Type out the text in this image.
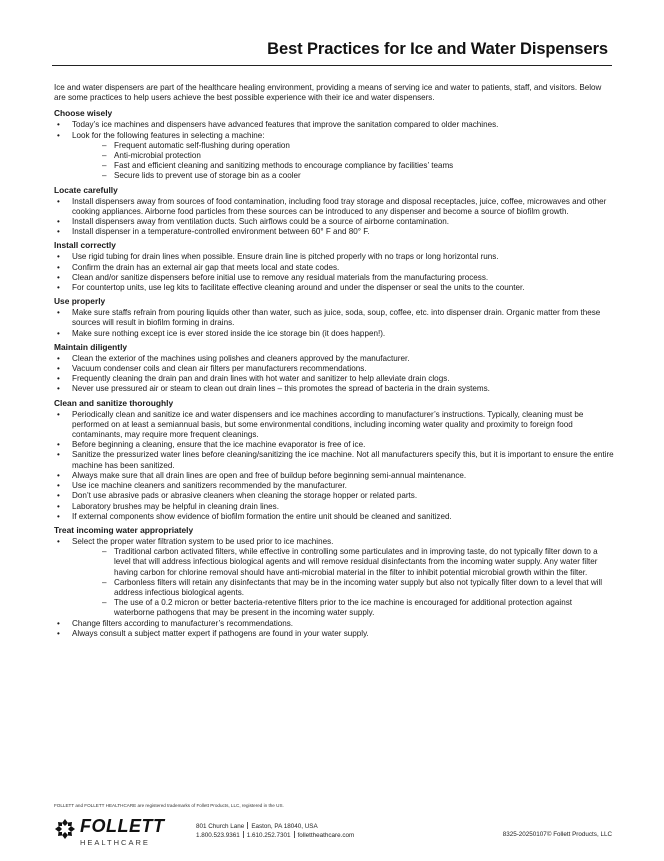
Best Practices for Ice and Water Dispensers

Ice and water dispensers are part of the healthcare healing environment, providing a means of serving ice and water to patients, staff, and visitors. Below are some practices to help users achieve the best possible experience with their ice and water dispensers.

Choose wisely
• Today’s ice machines and dispensers have advanced features that improve the sanitation compared to older machines.
• Look for the following features in selecting a machine:
– Frequent automatic self-flushing during operation
– Anti-microbial protection
– Fast and efficient cleaning and sanitizing methods to encourage compliance by facilities’ teams
– Secure lids to prevent use of storage bin as a cooler
Locate carefully
• Install dispensers away from sources of food contamination, including food tray storage and disposal receptacles, juice, coffee, microwaves and other cooking appliances. Airborne food particles from these sources can be introduced to any dispenser and become a source of biofilm growth.
• Install dispensers away from ventilation ducts. Such airflows could be a source of airborne contamination.
• Install dispenser in a temperature-controlled environment between 60° F and 80° F.
Install correctly
• Use rigid tubing for drain lines when possible. Ensure drain line is pitched properly with no traps or long horizontal runs.
• Confirm the drain has an external air gap that meets local and state codes.
• Clean and/or sanitize dispensers before initial use to remove any residual materials from the manufacturing process.
• For countertop units, use leg kits to facilitate effective cleaning around and under the dispenser or seal the units to the counter.
Use properly
• Make sure staffs refrain from pouring liquids other than water, such as juice, soda, soup, coffee, etc. into dispenser drain. Organic matter from these sources will result in biofilm forming in drains.
• Make sure nothing except ice is ever stored inside the ice storage bin (it does happen!).
Maintain diligently
• Clean the exterior of the machines using polishes and cleaners approved by the manufacturer.
• Vacuum condenser coils and clean air filters per manufacturers recommendations.
• Frequently cleaning the drain pan and drain lines with hot water and sanitizer to help alleviate drain clogs.
• Never use pressured air or steam to clean out drain lines – this promotes the spread of bacteria in the drain systems.
Clean and sanitize thoroughly
• Periodically clean and sanitize ice and water dispensers and ice machines according to manufacturer’s instructions. Typically, cleaning must be performed on at least a semiannual basis, but some environmental conditions, including incoming water quality and proximity to foreign food contaminants, may require more frequent cleanings.
• Before beginning a cleaning, ensure that the ice machine evaporator is free of ice.
• Sanitize the pressurized water lines before cleaning/sanitizing the ice machine. Not all manufacturers specify this, but it is important to ensure the entire machine has been sanitized.
• Always make sure that all drain lines are open and free of buildup before beginning semi-annual maintenance.
• Use ice machine cleaners and sanitizers recommended by the manufacturer.
• Don’t use abrasive pads or abrasive cleaners when cleaning the storage hopper or related parts.
• Laboratory brushes may be helpful in cleaning drain lines.
• If external components show evidence of biofilm formation the entire unit should be cleaned and sanitized.
Treat incoming water appropriately
• Select the proper water filtration system to be used prior to ice machines.
– Traditional carbon activated filters, while effective in controlling some particulates and in improving taste, do not typically filter down to a level that will address infectious biological agents and will remove residual disinfectants from the incoming water supply. Any water filter having carbon for chlorine removal should have anti-microbial material in the filter to inhibit potential microbial growth within the filter.
– Carbonless filters will retain any disinfectants that may be in the incoming water supply but also not typically filter down to a level that will address infectious biological agents.
– The use of a 0.2 micron or better bacteria-retentive filters prior to the ice machine is encouraged for additional protection against waterborne pathogens that may be present in the incoming water supply.
• Change filters according to manufacturer’s recommendations.
• Always consult a subject matter expert if pathogens are found in your water supply.
FOLLETT and FOLLETT HEALTHCARE are registered trademarks of Follett Products, LLC, registered in the US.
FOLLETT
HEALTHCARE
801 Church Lane Easton, PA 18040, USA
1.800.523.9361 1.610.252.7301 follettheathcare.com	8325-20250107© Follett Products, LLC
